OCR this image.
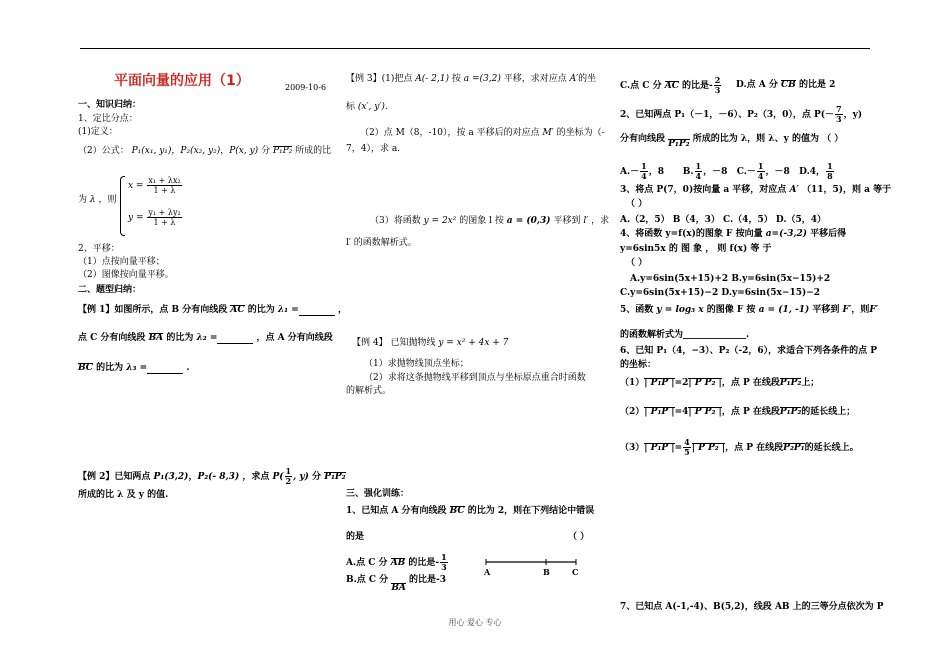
平面向量的应用（1）	2009-10-6
一、知识归纳：
1、定比分点：
(1)定义：
（2）公式： P₁(x₁, y₁)，P₂(x₂, y₂)，P(x, y) 分 P₁P₂ 所成的比
为 λ ，则
$x = \frac{\text{x₁ + λx₂}}{1 + \lambda}$
$y = \frac{\text{y₁ + λy₂}}{1 + \lambda}$
2、平移：
（1）点按向量平移；
（2）图像按向量平移。
二、题型归纳：
【例 1】如图所示，点 B 分有向线段 AC 的比为 λ₁ =	，
点 C 分有向线段 BA 的比为 λ₂ =	，点 A 分有向线段
BC 的比为 λ₃ =	.
【例 2】已知两点 P₁(3,2)，P₂(- 8,3) ，求点 $P( \frac{1}{2}$ , y) 分 P₁P₂
所成的比 λ 及 y 的值.
【例 3】(1)把点 A(- 2,1) 按 a =(3,2) 平移，求对应点 A′的坐
标 (x′, y′).
（2）点 M（8，-10），按 a 平移后的对应点 M′ 的坐标为（-
7，4），求 a.
（3）将函数 y = 2x² 的图象 l 按 a = (0,3) 平移到 l′ ，求
l′ 的函数解析式。
【例 4】 已知抛物线 y = x² + 4x + 7
（1）求抛物线顶点坐标；
（2）求将这条抛物线平移到顶点与坐标原点重合时函数
的解析式。
三、强化训练：
1、已知点 A 分有向线段 BC 的比为 2，则在下列结论中错误
的是	（ ）
A.点 C 分 AB 的比是- $\frac{1}{3}$
B.点 C 分 BA 的比是-3
A	B	C
C.点 C 分 AC 的比是- $\frac{2}{3} D$.点 A 分 CB 的比是 2
2、已知两点 P₁（－1，－6）、P₂（3，0），点 $P(- \frac{7}{3}$ ，y)
分有向线段 P₁P₂ 所成的比为 λ，则 λ、y 的值为 （ ）
$A.- \frac{1}{4}$ ，8 B. $\frac{1}{4}$ ，－8 $C.- \frac{1}{4}$ ，－8 D.4， $\frac{1}{8}$
3、将点 P(7，0)按向量 a 平移，对应点 A′ （11，5)，则 a 等于
（ ）
A.（2，5） B（4，3） C.（4，5） D.（5，4）
4、将函数 y=f(x)的图象 F 按向量 a=(-3,2) 平移后得
y=6sin5x 的 图 象 ， 则 f(x) 等 于
（ ）
A.y=6sin(5x+15)+2 B.y=6sin(5x−15)+2
C.y=6sin(5x+15)−2 D.y=6sin(5x−15)−2
5、函数 y = log₃ x 的图像 F 按 a = (1, -1) 平移到 F′，则F′
的函数解析式为______________.
6、已知 P₁（4，−3）、P₂（-2，6），求适合下列各条件的点 P
的坐标：
（1）| P₁P |=2| P P₂ |，点 P 在线段P₁P₂上；
（2）| P₁P |=4| P P₂ |，点 P 在线段P₁P₂的延长线上；
（3）| P₁P |= $\frac{4}{5}$ | P P₂ |，点 P 在线段P₂P₁的延长线上。
7、已知点 A(-1,-4)、B(5,2)，线段 AB 上的三等分点依次为 P
用心 爱心 专心
